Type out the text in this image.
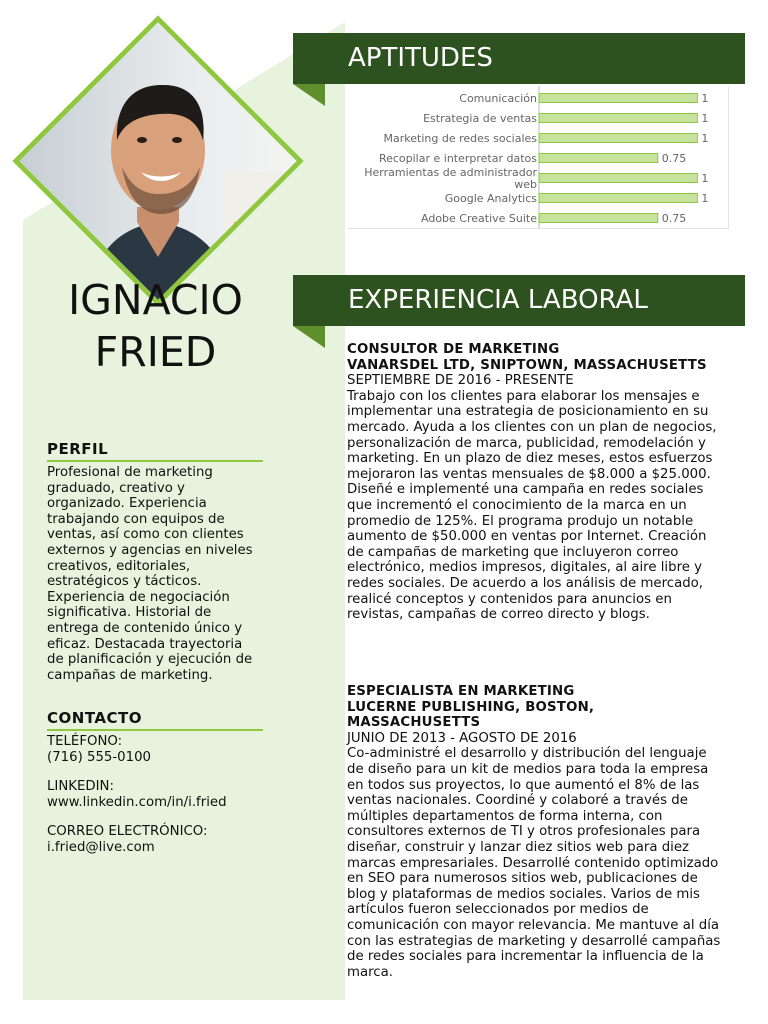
IGNACIO
FRIED
PERFIL
Profesional de marketing graduado, creativo y organizado. Experiencia trabajando con equipos de ventas, así como con clientes externos y agencias en niveles creativos, editoriales, estratégicos y tácticos. Experiencia de negociación significativa. Historial de entrega de contenido único y eficaz. Destacada trayectoria de planificación y ejecución de campañas de marketing.
CONTACTO
TELÉFONO:
(716) 555-0100
LINKEDIN:
www.linkedin.com/in/i.fried
CORREO ELECTRÓNICO:
i.fried@live.com
APTITUDES
Comunicación	1
Estrategia de ventas	1
Marketing de redes sociales	1
Recopilar e interpretar datos	0.75
Herramientas de administrador web	1
Google Analytics	1
Adobe Creative Suite	0.75
EXPERIENCIA LABORAL
CONSULTOR DE MARKETING
VANARSDEL LTD, SNIPTOWN, MASSACHUSETTS
SEPTIEMBRE DE 2016 - PRESENTE
Trabajo con los clientes para elaborar los mensajes e implementar una estrategia de posicionamiento en su mercado. Ayuda a los clientes con un plan de negocios, personalización de marca, publicidad, remodelación y marketing. En un plazo de diez meses, estos esfuerzos mejoraron las ventas mensuales de $8.000 a $25.000. Diseñé e implementé una campaña en redes sociales que incrementó el conocimiento de la marca en un promedio de 125%. El programa produjo un notable aumento de $50.000 en ventas por Internet. Creación de campañas de marketing que incluyeron correo electrónico, medios impresos, digitales, al aire libre y redes sociales. De acuerdo a los análisis de mercado, realicé conceptos y contenidos para anuncios en revistas, campañas de correo directo y blogs.
ESPECIALISTA EN MARKETING
LUCERNE PUBLISHING, BOSTON, MASSACHUSETTS
JUNIO DE 2013 - AGOSTO DE 2016
Co-administré el desarrollo y distribución del lenguaje de diseño para un kit de medios para toda la empresa en todos sus proyectos, lo que aumentó el 8% de las ventas nacionales. Coordiné y colaboré a través de múltiples departamentos de forma interna, con consultores externos de TI y otros profesionales para diseñar, construir y lanzar diez sitios web para diez marcas empresariales. Desarrollé contenido optimizado en SEO para numerosos sitios web, publicaciones de blog y plataformas de medios sociales. Varios de mis artículos fueron seleccionados por medios de comunicación con mayor relevancia. Me mantuve al día con las estrategias de marketing y desarrollé campañas de redes sociales para incrementar la influencia de la marca.
